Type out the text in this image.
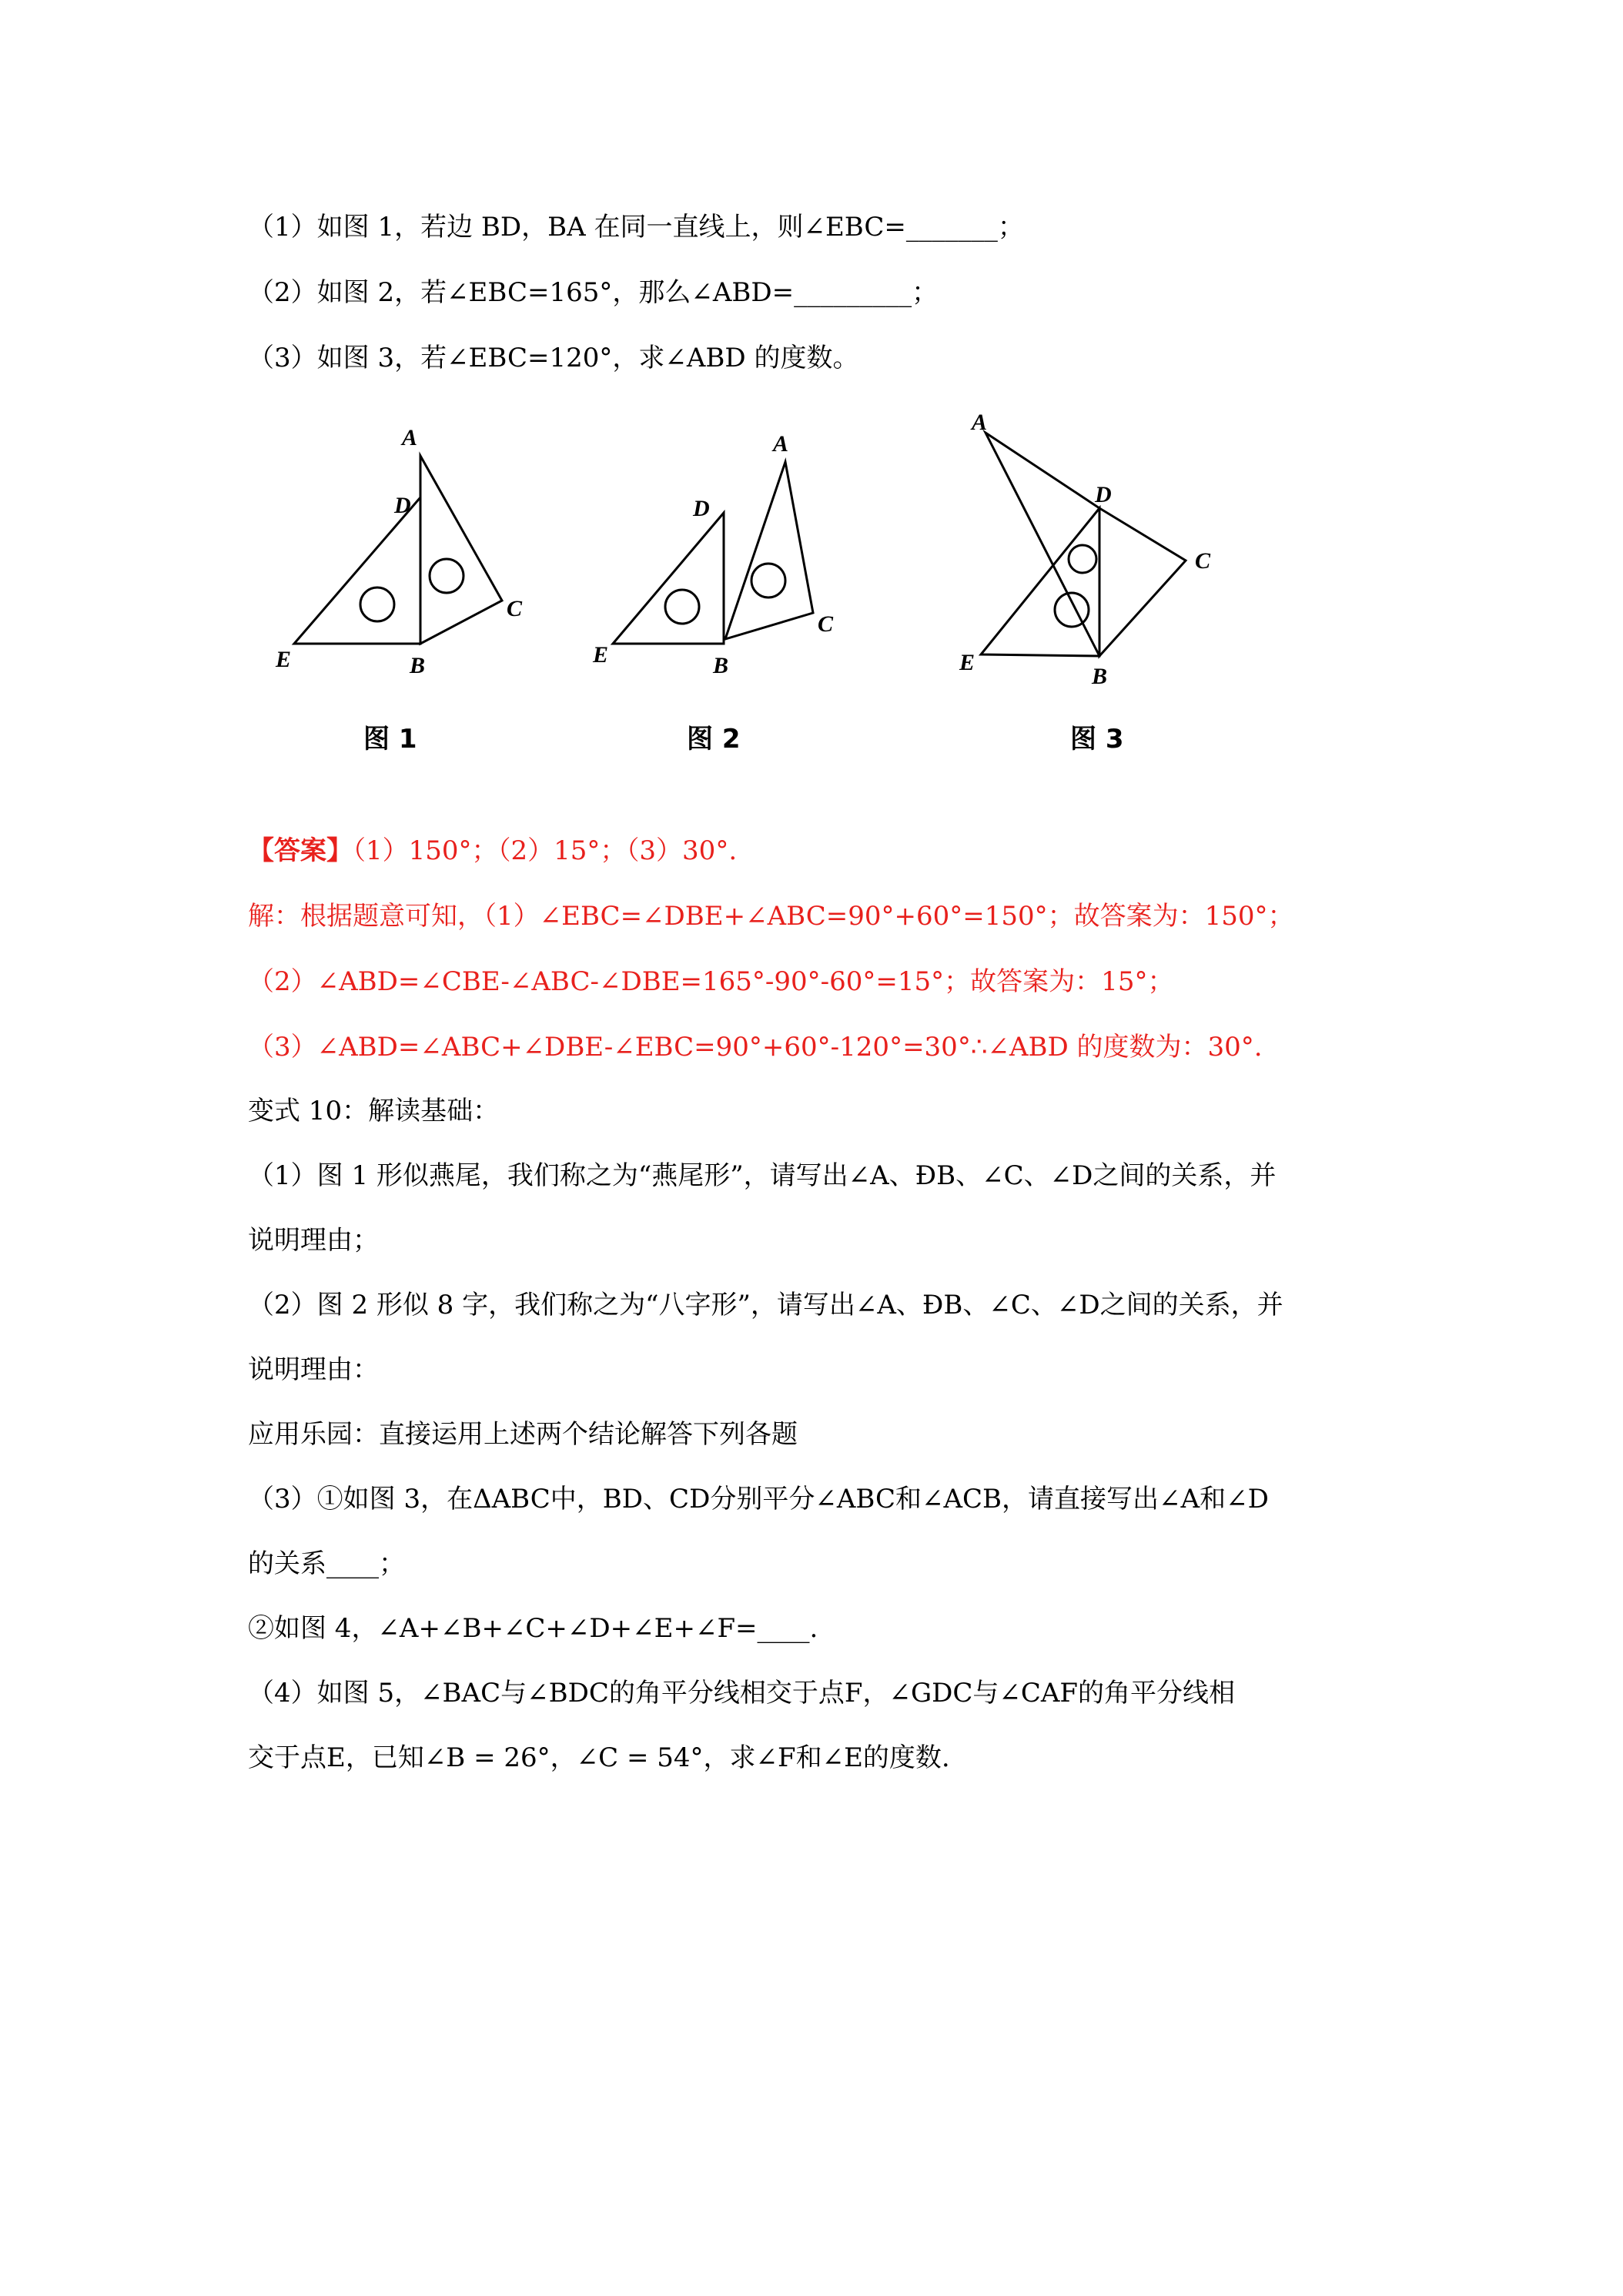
（1）如图 1，若边 BD，BA 在同一直线上，则∠EBC=_______；
（2）如图 2，若∠EBC=165°，那么∠ABD=_________；
（3）如图 3，若∠EBC=120°，求∠ABD 的度数。
A
D
E	B
C
图 1
A
D
E	B
C
图 2
A
D
E
B
C
图 3
【答案】（1）150°；（2）15°；（3）30°.
解：根据题意可知，（1）∠EBC=∠DBE+∠ABC=90°+60°=150°；故答案为：150°；
（2）∠ABD=∠CBE-∠ABC-∠DBE=165°-90°-60°=15°；故答案为：15°；
（3）∠ABD=∠ABC+∠DBE-∠EBC=90°+60°-120°=30°∴∠ABD 的度数为：30°.
变式 10：解读基础：
（1）图 1 形似燕尾，我们称之为“燕尾形”，请写出∠A、ÐB、∠C、∠D之间的关系，并
说明理由；
（2）图 2 形似 8 字，我们称之为“八字形”，请写出∠A、ÐB、∠C、∠D之间的关系，并
说明理由：
应用乐园：直接运用上述两个结论解答下列各题
（3）①如图 3，在ΔABC中，BD、CD分别平分∠ABC和∠ACB，请直接写出∠A和∠D
的关系____；
②如图 4，∠A+∠B+∠C+∠D+∠E+∠F=____.
（4）如图 5，∠BAC与∠BDC的角平分线相交于点F，∠GDC与∠CAF的角平分线相
交于点E，已知∠B = 26°，∠C = 54°，求∠F和∠E的度数.
